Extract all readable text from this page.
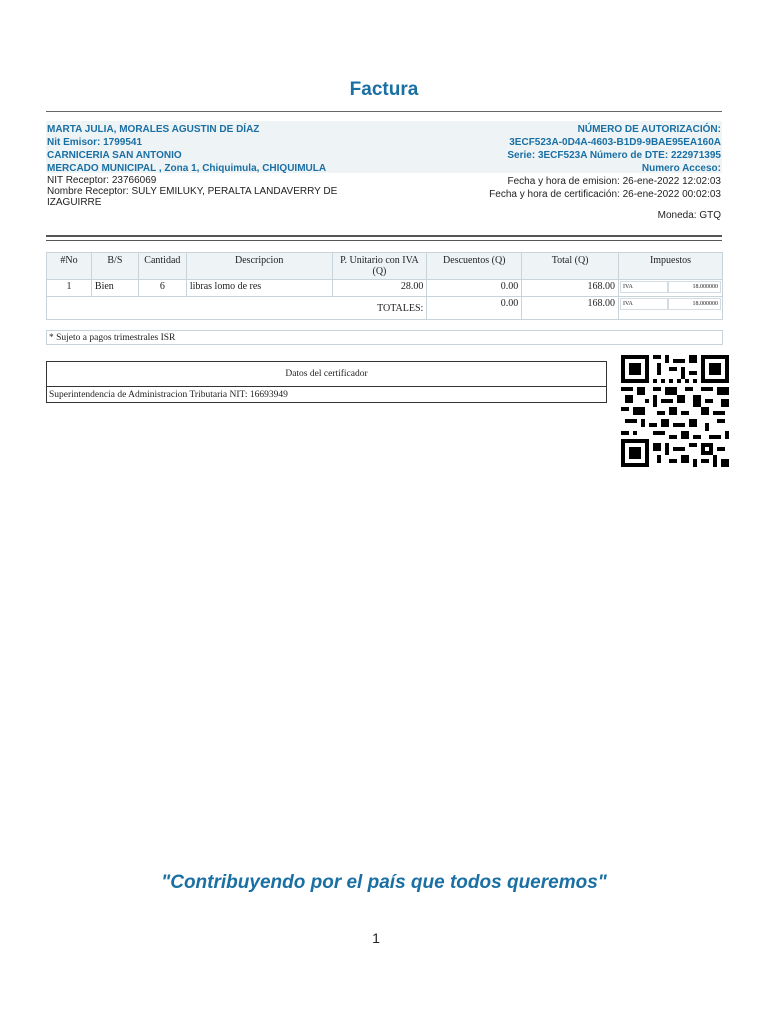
Factura
MARTA JULIA, MORALES AGUSTIN DE DÍAZ
Nit Emisor: 1799541
CARNICERIA SAN ANTONIO
MERCADO MUNICIPAL , Zona 1, Chiquimula, CHIQUIMULA
NÚMERO DE AUTORIZACIÓN:
3ECF523A-0D4A-4603-B1D9-9BAE95EA160A
Serie: 3ECF523A Número de DTE: 222971395
Numero Acceso:
NIT Receptor: 23766069
Nombre Receptor: SULY EMILUKY, PERALTA LANDAVERRY DE IZAGUIRRE
Fecha y hora de emision: 26-ene-2022 12:02:03
Fecha y hora de certificación: 26-ene-2022 00:02:03
Moneda: GTQ
#No	B/S	Cantidad	Descripcion	P. Unitario con IVA (Q)	Descuentos (Q)	Total (Q)	Impuestos
1	Bien	6	libras lomo de res	28.00	0.00	168.00	IVA 18.000000

TOTALES:					0.00	168.00	IVA 18.000000
* Sujeto a pagos trimestrales ISR
Datos del certificador
Superintendencia de Administracion Tributaria NIT: 16693949
"Contribuyendo por el país que todos queremos"
1
